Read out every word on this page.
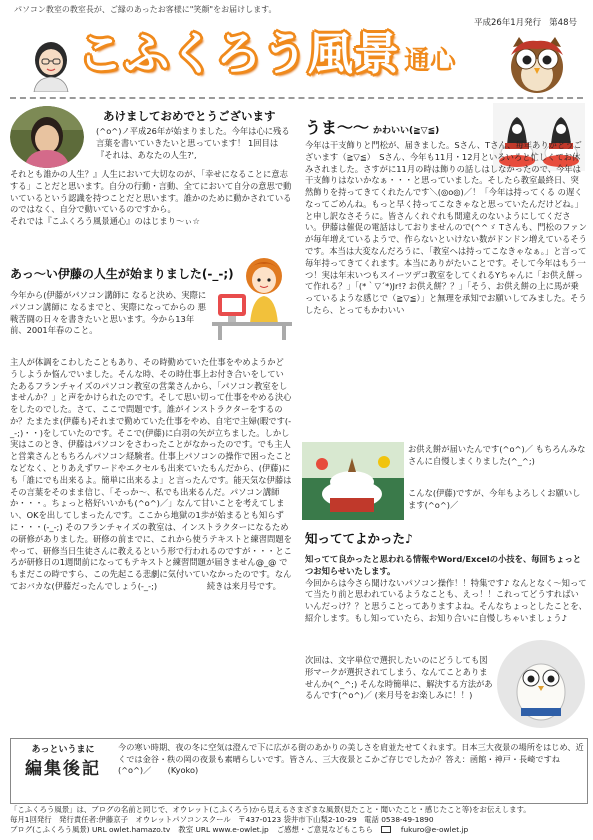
パソコン教室の教室長が、ご縁のあったお客様に"笑顔"をお届けします。
平成26年1月発行 第48号
こふくろう風景 通心
あけましておめでとうございます
(^o^)ノ平成26年が始まりました。今年は心に残る言葉を書いていきたいと思っています！ 1回目は『それは、あなたの人生?',

それとも誰かの人生？』人生において大切なのが、「幸せになることに意志する」ことだと思います。自分の行動・言動、全てにおいて自分の意思で動いているという認識を持つことだと思います。誰かのために動かされているのではなく、自分で動いているのですから。

それでは『こふくろう風景通心』のはじまり～ぃ☆

あっ～い伊藤の人生が始まりました(-_-;)
今年から(伊藤がパソコン講師に なると決め、実際にパソコン講師に なるまでと、実際になってからの 悪戦苦闘の日々を書きたいと思います。今から13年前、2001年春のこと。
主人が体調をこわしたこともあり、その時勤めていた仕事をやめようかどうしようか悩んでいました。そんな時、その時仕事上お付き合いをしていたあるフランチャイズのパソコン教室の営業さんから、「パソコン教室をしませんか？」と声をかけられたのです。そして思い切って仕事をやめる決心をしたのでした。さて、ここで問題です。誰がインストラクターをするのか？たまたま(伊藤も)それまで勤めていた仕事をやめ、自宅で主婦(暇です(-_-;)・・)をしていたのです。そこで(伊藤)に白羽の矢が立ちました。しかし実はこのとき、伊藤はパソコンをさわったことがなかったのです。でも主人と営業さんともちろんパソコン経験者。仕事上パソコンの操作で困ったことなどなく、とりあえずワードやエクセルも出来ていたもんだから、(伊藤)にも「誰にでも出来るよ。簡単に出来るよ」と言ったんです。能天気な伊藤はその言葉をそのまま信じ、「そっか～、私でも出来るんだ。パソコン講師か・・・。ちょっと格好いいかも(^o^)／」なんて甘いことを考えてしまい、OKを出してしまったんです。ここから地獄の1歩が始まるとも知らずに・・・(-_-;) そのフランチャイズの教室は、インストラクターになるための研修がありました。研修の前までに、これから使うテキストと練習問題をやって、研修当日生徒さんに教えるという形で行われるのですが・・・ところが研修日の1週間前になってもテキストと練習問題が届きません@_@ でもまだこの時ですら、この先起こる悲劇に気付いていなかったのです。なんておバカな(伊藤だったんでしょう(-_-;)　　　　　　続きは来月号です。
うま～～ かわいい(≧▽≦)
今年は干支飾りと門松が、届きました。Sさん、Tさん、毎年ありがとうございます（≧▽≦）　Sさん、今年も11月・12月といろいろと忙しくてお休みされました。さすがに11月の時は飾りの話しはしなかったので、今年は干支飾りはないかなぁ・・・と思っていました。そしたら教室最終日、突然飾りを持ってきてくれたんです＼(◎o◎)／！「今年は持ってくる の遅くなってごめんね。もっと早く持ってこなきゃなと思っていたんだけどね。」と申し訳なさそうに。皆さんくれぐれも間違えのないようにしてください。伊藤は催促の電話はしておりませんので(^^ゞ Tさんも、門松のファンが毎年増えているようで、作らないといけない数がドンドン増えているそうです。本当は大変なんだろうに、「教室へは持ってこなきゃなぁ。」と言って毎年持ってきてくれます。本当にありがたいことです。そして今年はもう一つ！実は年末いつもスイーツデコ教室をしてくれるYちゃんに「お供え餅って作れる？」「(*｀▽´*)Jr!? お供え餅？？」「そう、お供え餅の上に馬が乗っているような感じで（≧▽≦）」と無理を承知でお願いしてみました。そうしたら、とってもかわいい
お供え餅が届いたんです(^o^)／ もちろんみなさんに自慢しまくりました(^_^;)
こんな(伊藤)ですが、今年もよろしくお願いします(^o^)／
知っててよかった♪

知ってて良かったと思われる情報やWord/Excelの小技を、毎回ちょっとつお知らせいたします。

今回からは今さら聞けないパソコン操作！！特集です♪ なんとなく～知ってて当たり前と思われているようなことも、えっ！！これってどうすればいいんだっけ？？と思うことってありますよね。そんなちょっとしたことを、紹介します。もし知っていたら、お知り合いに自慢しちゃいましょう♪

次回は、文字単位で選択したいのにどうしても図形マークが選択されてしまう、なんてことありませんか(^_^;) そんな時簡単に、解決する方法があるんです(^o^)／ (来月号をお楽しみに！！)
あっというまに
編集後記
今の寒い時期、夜の冬に空気は澄んで下に広がる街のあかりの美しさを肩並たせてくれます。日本三大夜景の場所をはじめ、近くでは金谷・秩の岡の夜景も素晴らしいです。皆さん、三大夜景とこかご存じでしたか？答え：函館・神戸・長崎ですね(^o^)／　　(Kyoko)
「こふくろう風景」は、ブログの名前と同じで、オウレット(こふくろう)から見えるさまざまな風景(見たこと・聞いたこと・感じたこと等)をお伝えします。
毎月1回発行　発行責任者:伊藤京子　オウレットパソコンスクール　〒437-0123 袋井市下山梨2-10-29　電話 0538-49-1890
ブログ(こふくろう風景) URL owlet.hamazo.tv 教室 URL www.e-owlet.jp ご感想・ご意見などもこちら	fukuro@e-owlet.jp
